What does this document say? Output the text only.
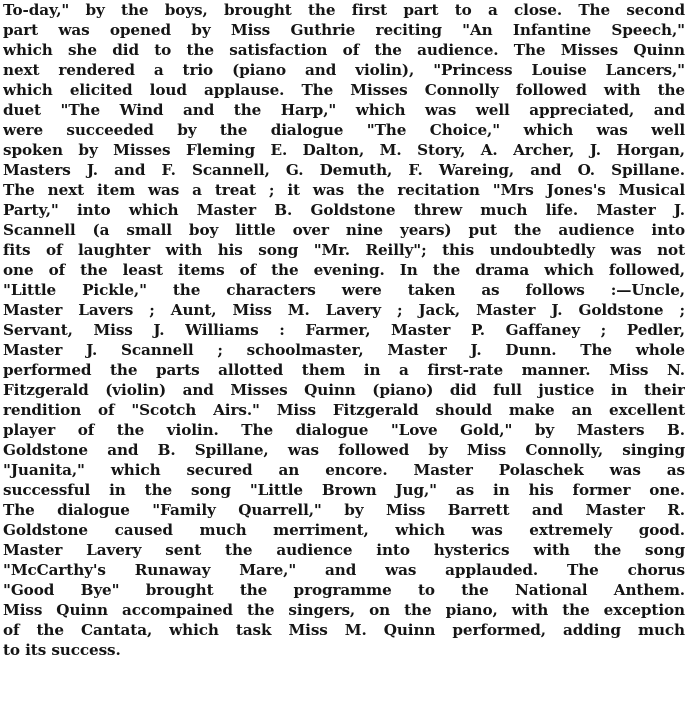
To-day," by the boys, brought the first part to a close. The second
part was opened by Miss Guthrie reciting "An Infantine Speech,"
which she did to the satisfaction of the audience. The Misses Quinn
next rendered a trio (piano and violin), "Princess Louise Lancers,"
which elicited loud applause. The Misses Connolly followed with the
duet "The Wind and the Harp," which was well appreciated, and
were succeeded by the dialogue "The Choice," which was well
spoken by Misses Fleming E. Dalton, M. Story, A. Archer, J. Horgan,
Masters J. and F. Scannell, G. Demuth, F. Wareing, and O. Spillane.
The next item was a treat ; it was the recitation "Mrs Jones's Musical
Party," into which Master B. Goldstone threw much life. Master J.
Scannell (a small boy little over nine years) put the audience into
fits of laughter with his song "Mr. Reilly"; this undoubtedly was not
one of the least items of the evening. In the drama which followed,
"Little Pickle," the characters were taken as follows :—Uncle,
Master Lavers ; Aunt, Miss M. Lavery ; Jack, Master J. Goldstone ;
Servant, Miss J. Williams : Farmer, Master P. Gaffaney ; Pedler,
Master J. Scannell ; schoolmaster, Master J. Dunn. The whole
performed the parts allotted them in a first-rate manner. Miss N.
Fitzgerald (violin) and Misses Quinn (piano) did full justice in their
rendition of "Scotch Airs." Miss Fitzgerald should make an excellent
player of the violin. The dialogue "Love Gold," by Masters B.
Goldstone and B. Spillane, was followed by Miss Connolly, singing
"Juanita," which secured an encore. Master Polaschek was as
successful in the song "Little Brown Jug," as in his former one.
The dialogue "Family Quarrell," by Miss Barrett and Master R.
Goldstone caused much merriment, which was extremely good.
Master Lavery sent the audience into hysterics with the song
"McCarthy's Runaway Mare," and was applauded. The chorus
"Good Bye" brought the programme to the National Anthem.
Miss Quinn accompained the singers, on the piano, with the exception
of the Cantata, which task Miss M. Quinn performed, adding much
to its success.
